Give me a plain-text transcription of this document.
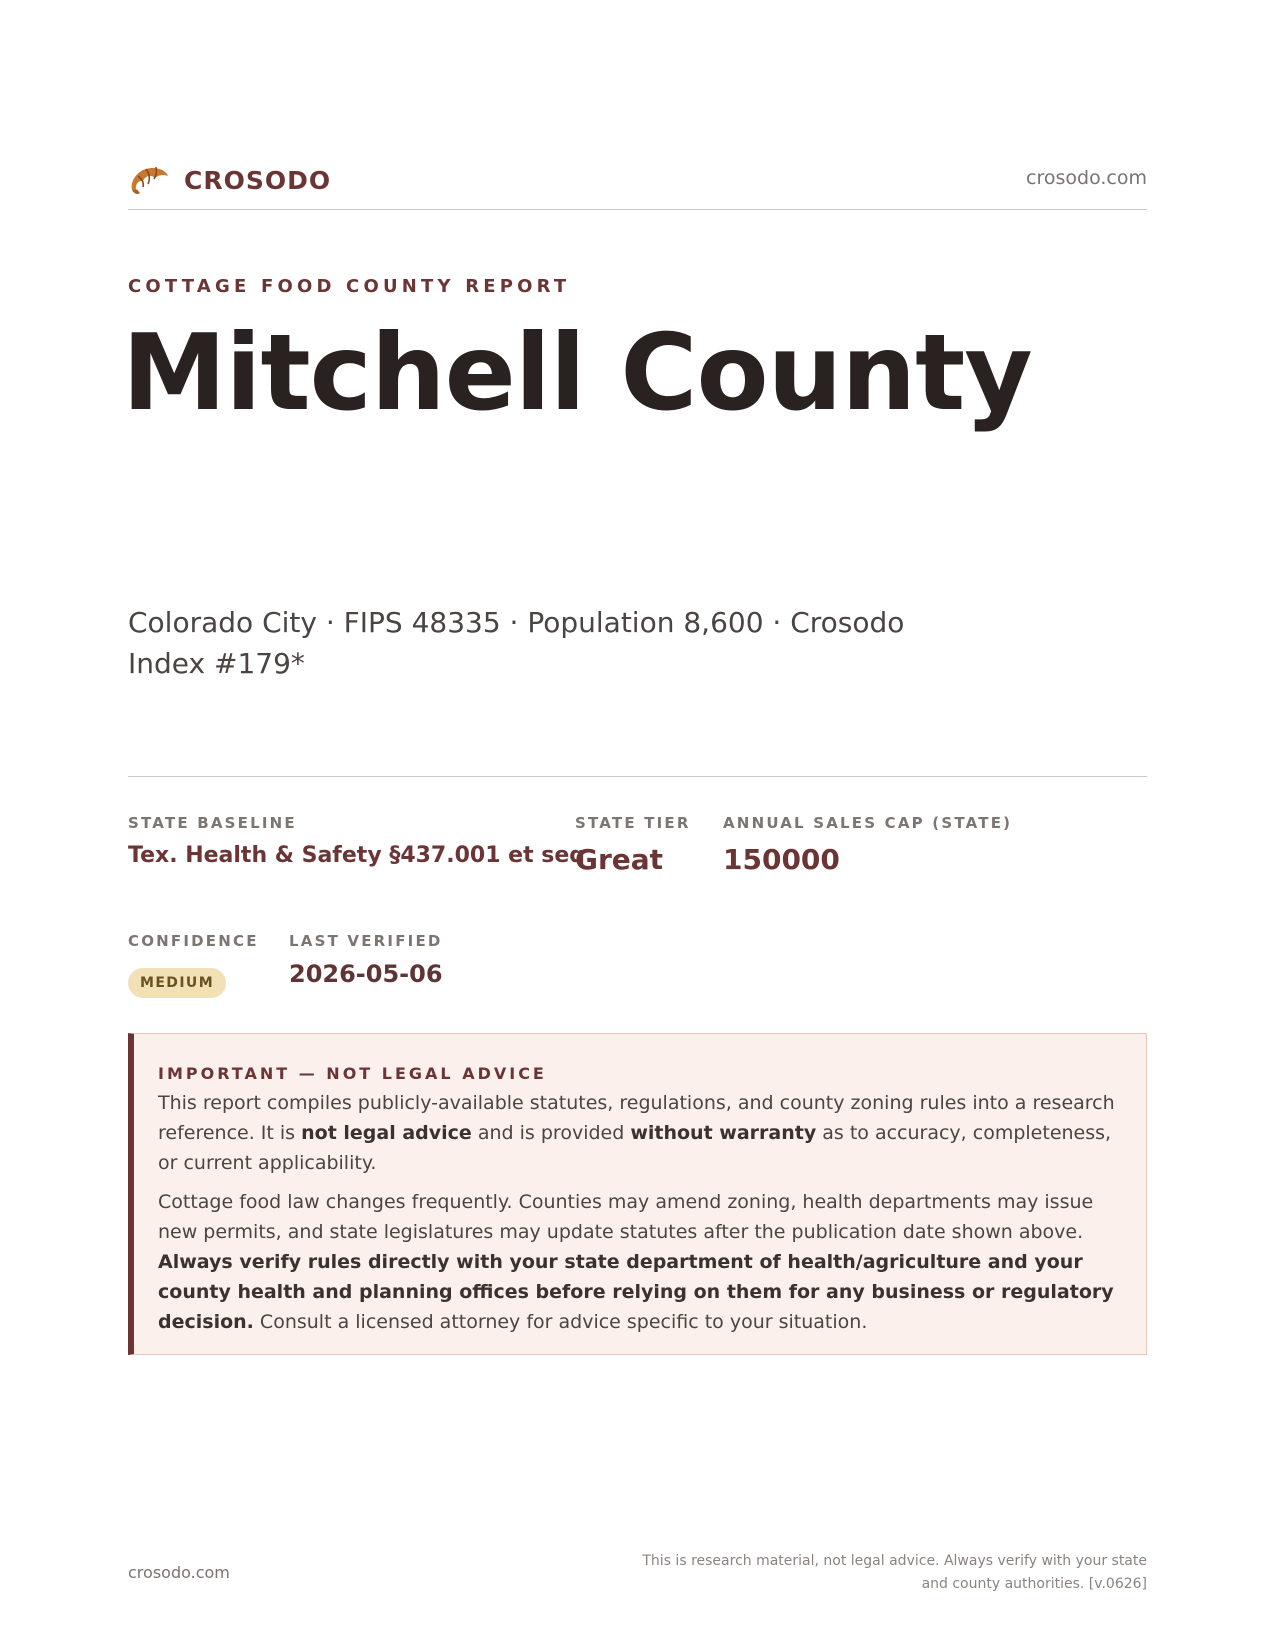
CROSODO	crosodo.com
COTTAGE FOOD COUNTY REPORT
Mitchell County
Colorado City · FIPS 48335 · Population 8,600 · Crosodo Index #179*
STATE BASELINE
Tex. Health & Safety §437.001 et seq.
STATE TIER
Great
ANNUAL SALES CAP (STATE)
150000
CONFIDENCE
MEDIUM
LAST VERIFIED
2026-05-06
IMPORTANT — NOT LEGAL ADVICE

This report compiles publicly-available statutes, regulations, and county zoning rules into a research reference. It is not legal advice and is provided without warranty as to accuracy, completeness, or current applicability.

Cottage food law changes frequently. Counties may amend zoning, health departments may issue new permits, and state legislatures may update statutes after the publication date shown above. Always verify rules directly with your state department of health/agriculture and your county health and planning offices before relying on them for any business or regulatory decision. Consult a licensed attorney for advice specific to your situation.

crosodo.com
This is research material, not legal advice. Always verify with your state and county authorities. [v.0626]
